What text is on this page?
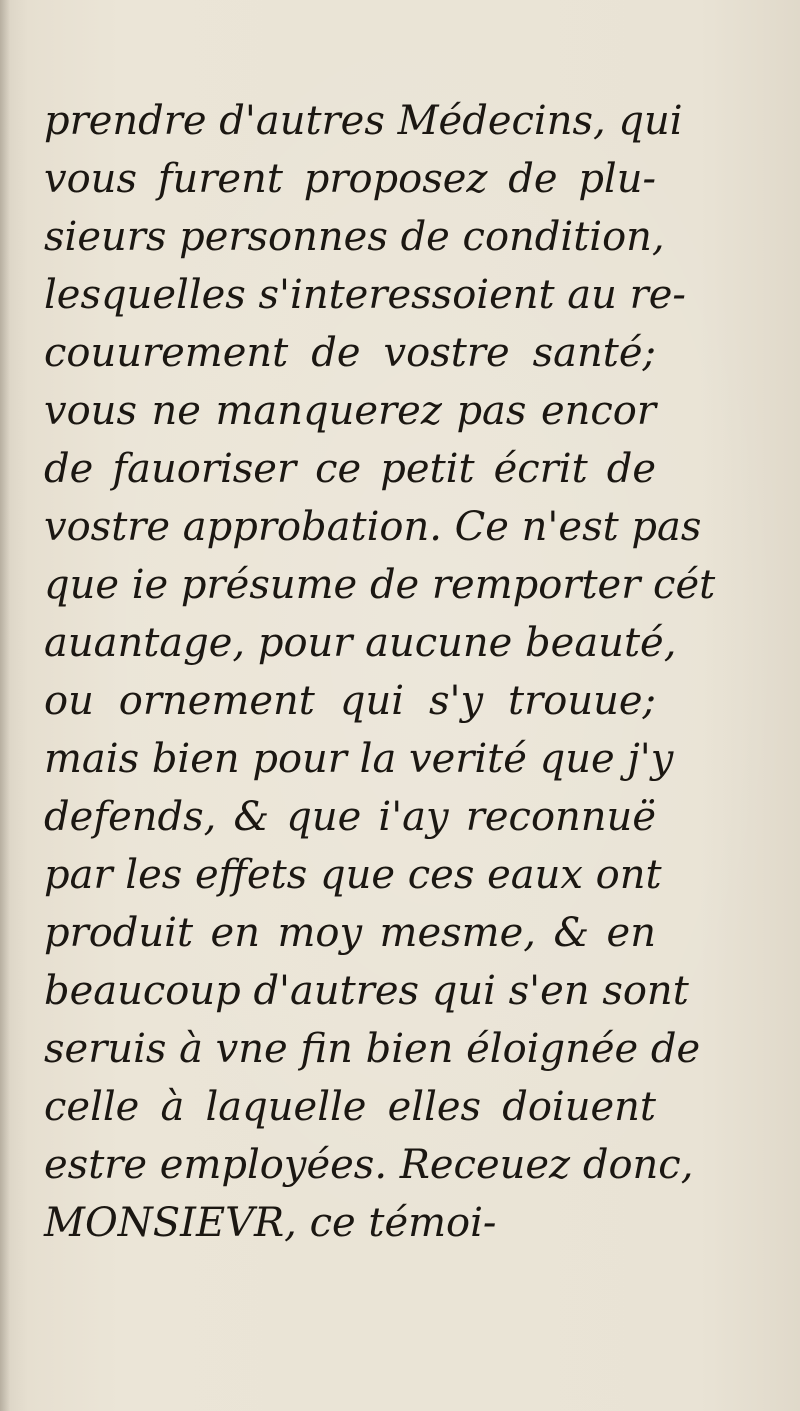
prendre d'autres Médecins, qui
vous furent proposez de plu-
sieurs personnes de condition,
lesquelles s'interessoient au re-
couurement de vostre santé;
vous ne manquerez pas encor
de fauoriser ce petit écrit de
vostre approbation. Ce n'est pas
que ie présume de remporter cét
auantage, pour aucune beauté,
ou ornement qui s'y trouue;
mais bien pour la verité que j'y
defends, & que i'ay reconnuë
par les effets que ces eaux ont
produit en moy mesme, & en
beaucoup d'autres qui s'en sont
seruis à vne fin bien éloignée de
celle à laquelle elles doiuent
estre employées. Receuez donc,
MONSIEVR, ce témoi-
